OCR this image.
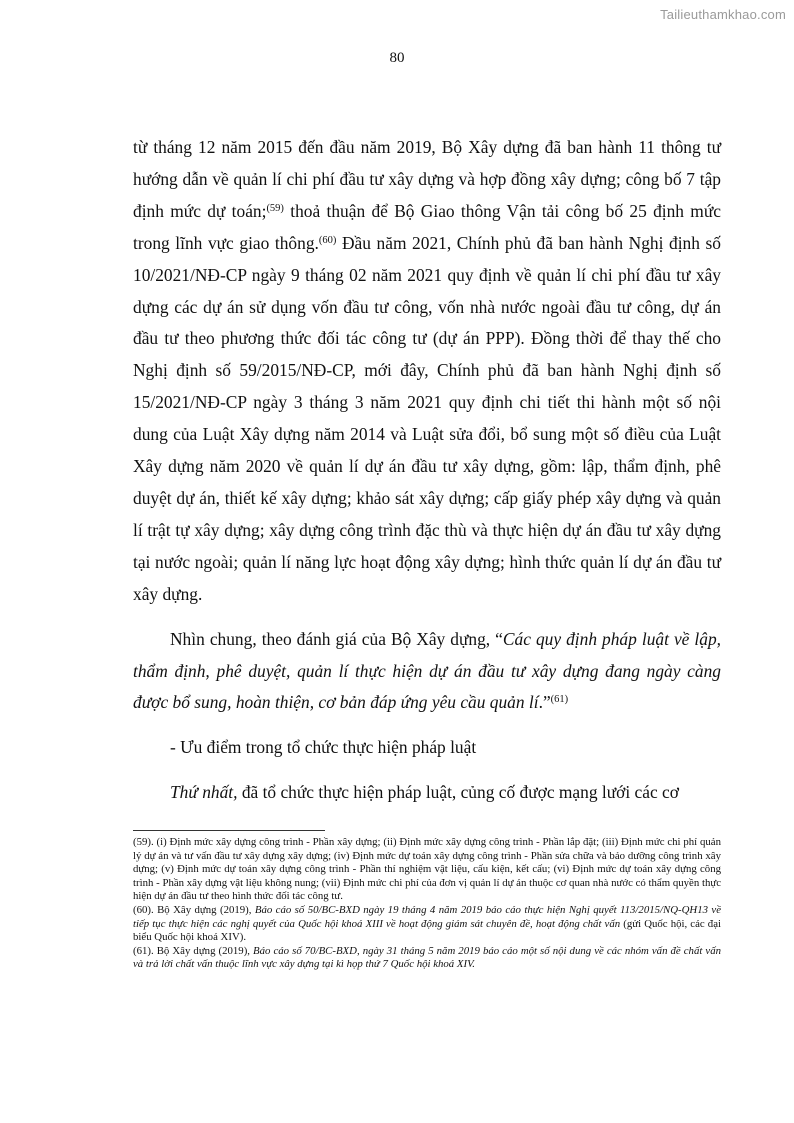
Tailieuthamkhao.com
80

từ tháng 12 năm 2015 đến đầu năm 2019, Bộ Xây dựng đã ban hành 11 thông tư hướng dẫn về quản lí chi phí đầu tư xây dựng và hợp đồng xây dựng; công bố 7 tập định mức dự toán;$^{(59)}$ thoả thuận để Bộ Giao thông Vận tải công bố 25 định mức trong lĩnh vực giao thông.$^{(60)}$ Đầu năm 2021, Chính phủ đã ban hành Nghị định số 10/2021/NĐ-CP ngày 9 tháng 02 năm 2021 quy định về quản lí chi phí đầu tư xây dựng các dự án sử dụng vốn đầu tư công, vốn nhà nước ngoài đầu tư công, dự án đầu tư theo phương thức đối tác công tư (dự án PPP). Đồng thời để thay thế cho Nghị định số 59/2015/NĐ-CP, mới đây, Chính phủ đã ban hành Nghị định số 15/2021/NĐ-CP ngày 3 tháng 3 năm 2021 quy định chi tiết thi hành một số nội dung của Luật Xây dựng năm 2014 và Luật sửa đổi, bổ sung một số điều của Luật Xây dựng năm 2020 về quản lí dự án đầu tư xây dựng, gồm: lập, thẩm định, phê duyệt dự án, thiết kế xây dựng; khảo sát xây dựng; cấp giấy phép xây dựng và quản lí trật tự xây dựng; xây dựng công trình đặc thù và thực hiện dự án đầu tư xây dựng tại nước ngoài; quản lí năng lực hoạt động xây dựng; hình thức quản lí dự án đầu tư xây dựng.

Nhìn chung, theo đánh giá của Bộ Xây dựng, “Các quy định pháp luật về lập, thẩm định, phê duyệt, quản lí thực hiện dự án đầu tư xây dựng đang ngày càng được bổ sung, hoàn thiện, cơ bản đáp ứng yêu cầu quản lí.”$^{(61)}$

- Ưu điểm trong tổ chức thực hiện pháp luật

Thứ nhất, đã tổ chức thực hiện pháp luật, củng cố được mạng lưới các cơ

(59). (i) Định mức xây dựng công trình - Phần xây dựng; (ii) Định mức xây dựng công trình - Phần lắp đặt; (iii) Định mức chi phí quản lý dự án và tư vấn đầu tư xây dựng xây dựng; (iv) Định mức dự toán xây dựng công trình - Phần sửa chữa và bảo dưỡng công trình xây dựng; (v) Định mức dự toán xây dựng công trình - Phần thí nghiệm vật liệu, cấu kiện, kết cấu; (vi) Định mức dự toán xây dựng công trình - Phần xây dựng vật liệu không nung; (vii) Định mức chi phí của đơn vị quản lí dự án thuộc cơ quan nhà nước có thẩm quyền thực hiện dự án đầu tư theo hình thức đối tác công tư.

(60). Bộ Xây dựng (2019), Báo cáo số 50/BC-BXD ngày 19 tháng 4 năm 2019 báo cáo thực hiện Nghị quyết 113/2015/NQ-QH13 về tiếp tục thực hiện các nghị quyết của Quốc hội khoá XIII về hoạt động giám sát chuyên đề, hoạt động chất vấn (gửi Quốc hội, các đại biểu Quốc hội khoá XIV).

(61). Bộ Xây dựng (2019), Báo cáo số 70/BC-BXD, ngày 31 tháng 5 năm 2019 báo cáo một số nội dung về các nhóm vấn đề chất vấn và trả lời chất vấn thuộc lĩnh vực xây dựng tại kì họp thứ 7 Quốc hội khoá XIV.
